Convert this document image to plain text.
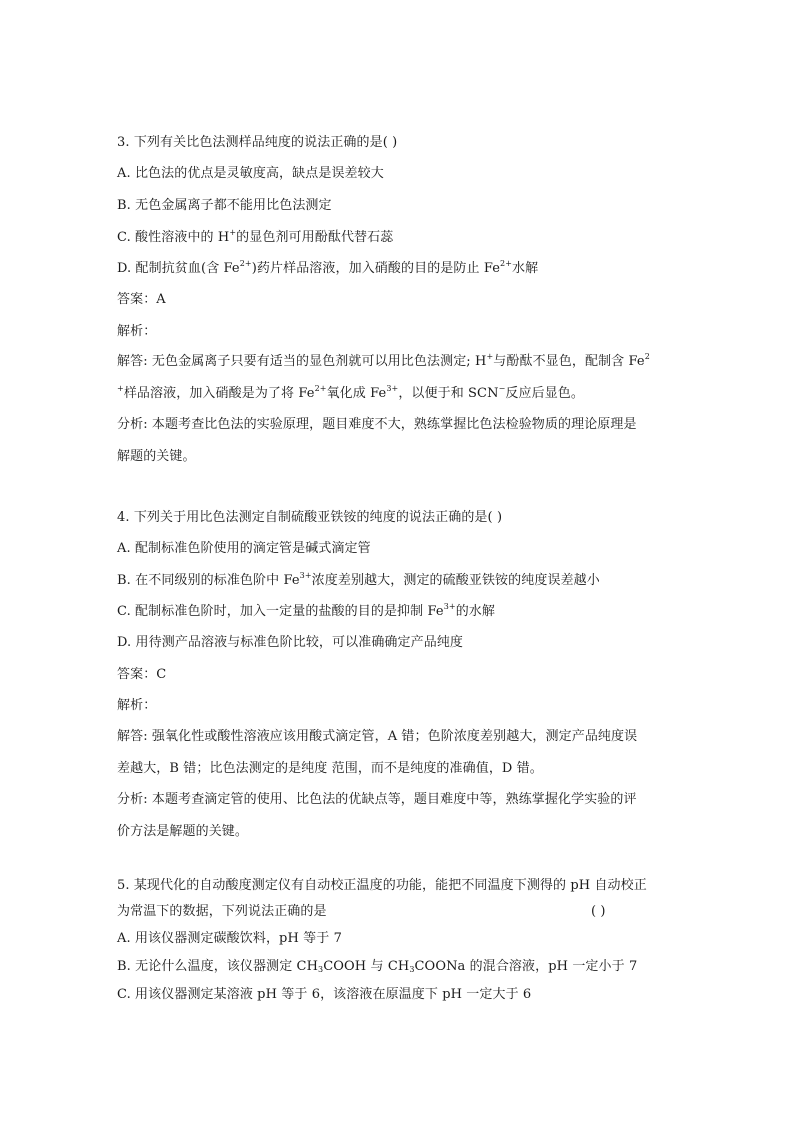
3. 下列有关比色法测样品纯度的说法正确的是( )
A. 比色法的优点是灵敏度高，缺点是误差较大
B. 无色金属离子都不能用比色法测定
C. 酸性溶液中的 H+的显色剂可用酚酞代替石蕊
D. 配制抗贫血(含 $Fe^{2+}$)药片样品溶液，加入硝酸的目的是防止 $Fe^{2+}$水解
答案：A
解析：
解答: 无色金属离子只要有适当的显色剂就可以用比色法测定; H+与酚酞不显色，配制含 Fe$^2$
+样品溶液，加入硝酸是为了将 $Fe^{2+}$氧化成 $Fe^{3+}$，以便于和 SCN−反应后显色。
分析: 本题考查比色法的实验原理，题目难度不大，熟练掌握比色法检验物质的理论原理是
解题的关键。
4. 下列关于用比色法测定自制硫酸亚铁铵的纯度的说法正确的是( )
A. 配制标准色阶使用的滴定管是碱式滴定管
B. 在不同级别的标准色阶中 $Fe^{3+}$浓度差别越大，测定的硫酸亚铁铵的纯度误差越小
C. 配制标准色阶时，加入一定量的盐酸的目的是抑制 $Fe^{3+}$的水解
D. 用待测产品溶液与标准色阶比较，可以准确确定产品纯度
答案：C
解析：
解答: 强氧化性或酸性溶液应该用酸式滴定管，A 错；色阶浓度差别越大，测定产品纯度误
差越大，B 错；比色法测定的是纯度 范围，而不是纯度的准确值，D 错。
分析: 本题考查滴定管的使用、比色法的优缺点等，题目难度中等，熟练掌握化学实验的评
价方法是解题的关键。
5. 某现代化的自动酸度测定仪有自动校正温度的功能，能把不同温度下测得的 pH 自动校正
为常温下的数据，下列说法正确的是	( )
A. 用该仪器测定碳酸饮料，pH 等于 7
B. 无论什么温度，该仪器测定 $CH_3COOH$ 与 $CH_3COONa$ 的混合溶液，pH 一定小于 7
C. 用该仪器测定某溶液 pH 等于 6，该溶液在原温度下 pH 一定大于 6
